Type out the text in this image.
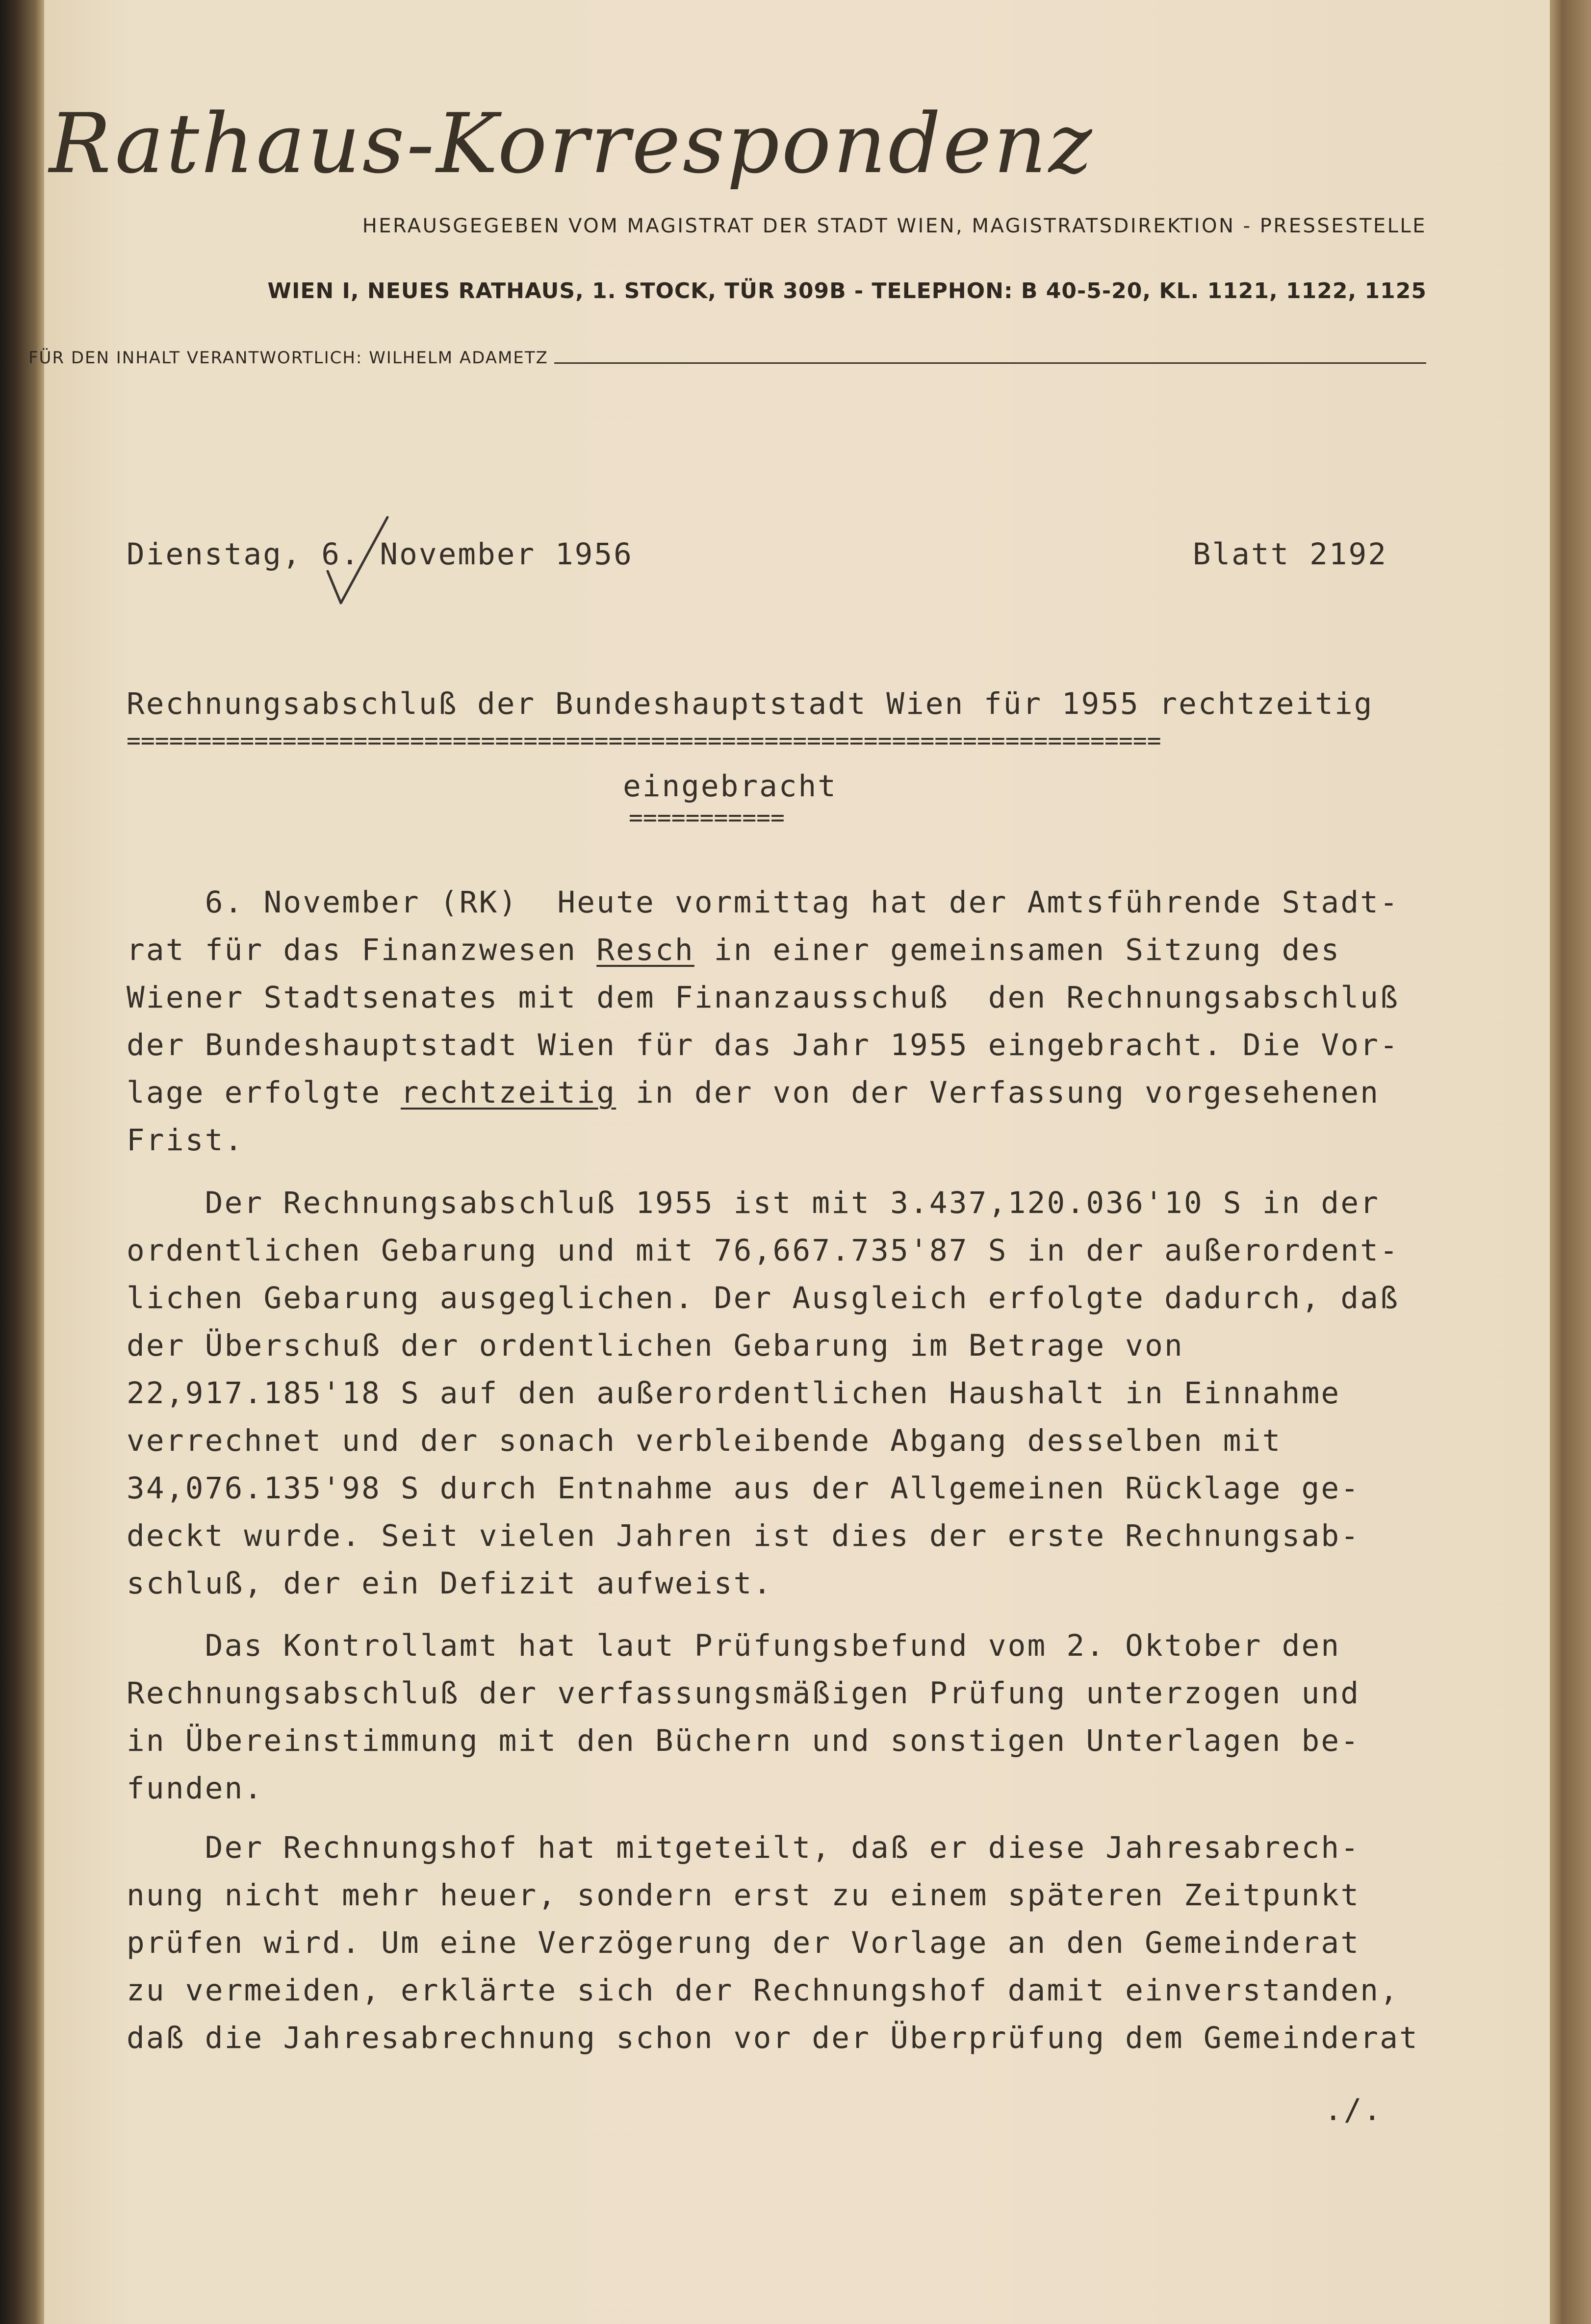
Rathaus-Korrespondenz
HERAUSGEGEBEN VOM MAGISTRAT DER STADT WIEN, MAGISTRATSDIREKTION - PRESSESTELLE
WIEN I, NEUES RATHAUS, 1. STOCK, TÜR 309B - TELEPHON: B 40-5-20, KL. 1121, 1122, 1125
FÜR DEN INHALT VERANTWORTLICH: WILHELM ADAMETZ
Dienstag, 6. November 1956	Blatt 2192
Rechnungsabschluß der Bundeshauptstadt Wien für 1955 rechtzeitig
=========================================================================
eingebracht
===========
6. November (RK)  Heute vormittag hat der Amtsführende Stadt-
rat für das Finanzwesen Resch in einer gemeinsamen Sitzung des
Wiener Stadtsenates mit dem Finanzausschuß  den Rechnungsabschluß
der Bundeshauptstadt Wien für das Jahr 1955 eingebracht. Die Vor-
lage erfolgte rechtzeitig in der von der Verfassung vorgesehenen
Frist.
Der Rechnungsabschluß 1955 ist mit 3.437,120.036'10 S in der
ordentlichen Gebarung und mit 76,667.735'87 S in der außerordent-
lichen Gebarung ausgeglichen. Der Ausgleich erfolgte dadurch, daß
der Überschuß der ordentlichen Gebarung im Betrage von
22,917.185'18 S auf den außerordentlichen Haushalt in Einnahme
verrechnet und der sonach verbleibende Abgang desselben mit
34,076.135'98 S durch Entnahme aus der Allgemeinen Rücklage ge-
deckt wurde. Seit vielen Jahren ist dies der erste Rechnungsab-
schluß, der ein Defizit aufweist.
Das Kontrollamt hat laut Prüfungsbefund vom 2. Oktober den
Rechnungsabschluß der verfassungsmäßigen Prüfung unterzogen und
in Übereinstimmung mit den Büchern und sonstigen Unterlagen be-
funden.
Der Rechnungshof hat mitgeteilt, daß er diese Jahresabrech-
nung nicht mehr heuer, sondern erst zu einem späteren Zeitpunkt
prüfen wird. Um eine Verzögerung der Vorlage an den Gemeinderat
zu vermeiden, erklärte sich der Rechnungshof damit einverstanden,
daß die Jahresabrechnung schon vor der Überprüfung dem Gemeinderat
./.
